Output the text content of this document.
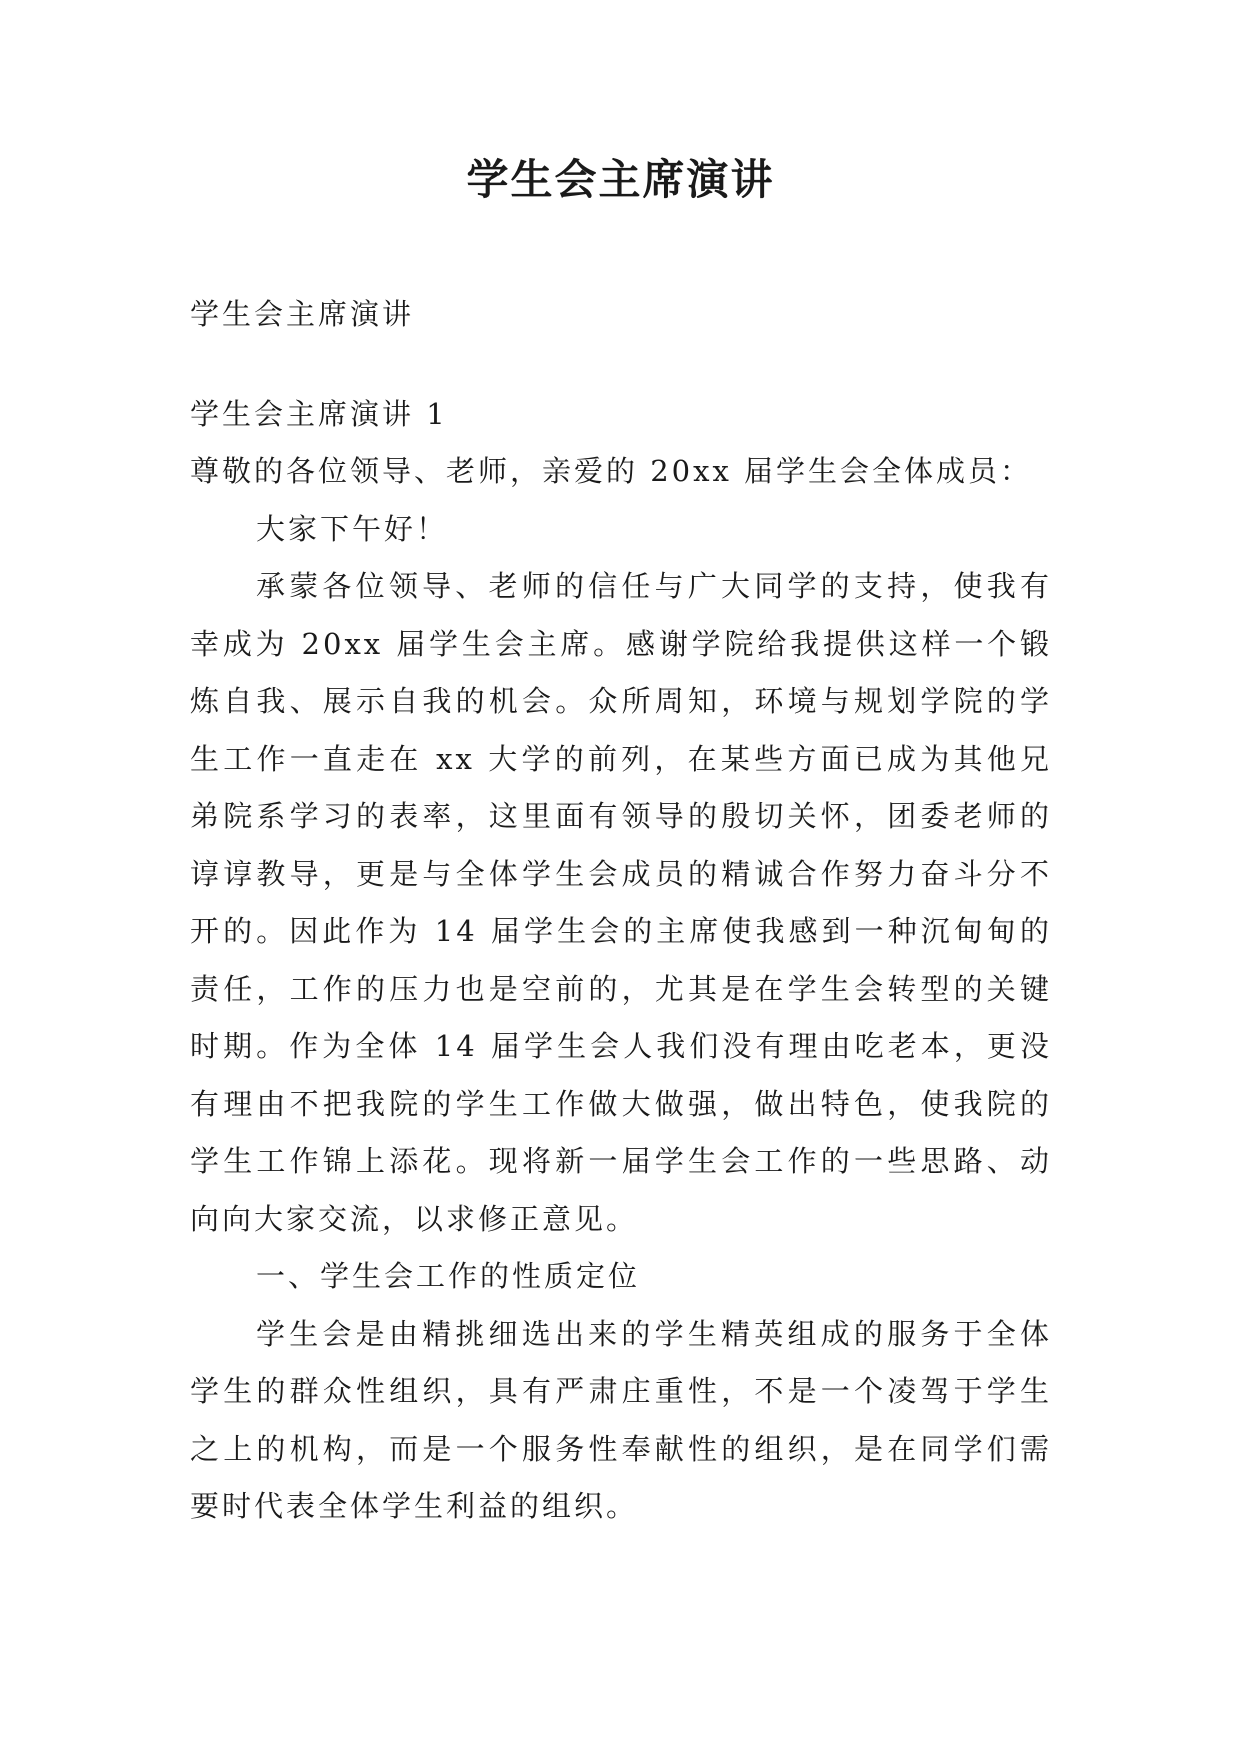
学生会主席演讲

学生会主席演讲

学生会主席演讲 1

尊敬的各位领导、老师，亲爱的 20xx 届学生会全体成员：

大家下午好！

承蒙各位领导、老师的信任与广大同学的支持，使我有幸成为 20xx 届学生会主席。感谢学院给我提供这样一个锻炼自我、展示自我的机会。众所周知，环境与规划学院的学生工作一直走在 xx 大学的前列，在某些方面已成为其他兄弟院系学习的表率，这里面有领导的殷切关怀，团委老师的谆谆教导，更是与全体学生会成员的精诚合作努力奋斗分不开的。因此作为 14 届学生会的主席使我感到一种沉甸甸的责任，工作的压力也是空前的，尤其是在学生会转型的关键时期。作为全体 14 届学生会人我们没有理由吃老本，更没有理由不把我院的学生工作做大做强，做出特色，使我院的学生工作锦上添花。现将新一届学生会工作的一些思路、动向向大家交流，以求修正意见。

一、学生会工作的性质定位

学生会是由精挑细选出来的学生精英组成的服务于全体学生的群众性组织，具有严肃庄重性，不是一个凌驾于学生之上的机构，而是一个服务性奉献性的组织，是在同学们需要时代表全体学生利益的组织。
